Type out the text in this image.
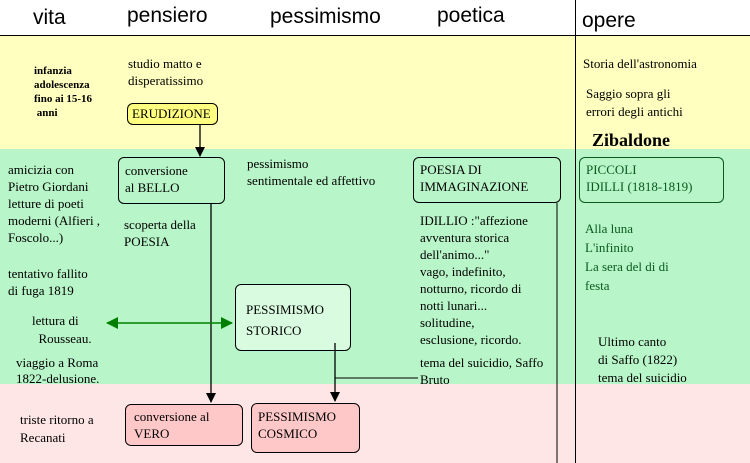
vita	pensiero	pessimismo	poetica	opere
infanzia
adolescenza
fino ai 15-16
anni
amicizia con
Pietro Giordani
letture di poeti
moderni (Alfieri ,
Foscolo...)
tentativo fallito
di fuga 1819
lettura di
Rousseau.
viaggio a Roma
1822-delusione.
triste ritorno a
Recanati
studio matto e
disperatissimo
ERUDIZIONE
conversione
al BELLO
scoperta della
POESIA
conversione al
VERO
pessimismo
sentimentale ed affettivo
PESSIMISMO
STORICO
PESSIMISMO
COSMICO
POESIA DI
IMMAGINAZIONE
IDILLIO :"affezione
avventura storica
dell'animo..."
vago, indefinito,
notturno, ricordo di
notti lunari...
solitudine,
esclusione, ricordo.
tema del suicidio, Saffo
Bruto
Storia dell'astronomia
Saggio sopra gli
errori degli antichi
Zibaldone
PICCOLI
IDILLI (1818-1819)
Alla luna
L'infinito
La sera del di di
festa
Ultimo canto
di Saffo (1822)
tema del suicidio
